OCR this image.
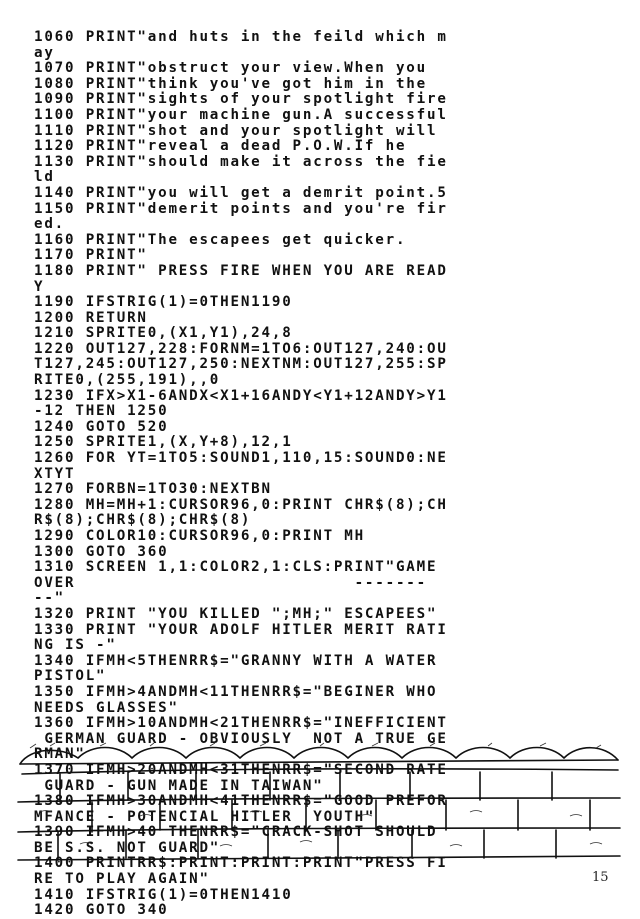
1060 PRINT"and huts in the feild which m
ay
1070 PRINT"obstruct your view.When you
1080 PRINT"think you've got him in the
1090 PRINT"sights of your spotlight fire
1100 PRINT"your machine gun.A successful
1110 PRINT"shot and your spotlight will
1120 PRINT"reveal a dead P.O.W.If he
1130 PRINT"should make it across the fie
ld
1140 PRINT"you will get a demrit point.5
1150 PRINT"demerit points and you're fir
ed.
1160 PRINT"The escapees get quicker.
1170 PRINT"
1180 PRINT" PRESS FIRE WHEN YOU ARE READ
Y
1190 IFSTRIG(1)=0THEN1190
1200 RETURN
1210 SPRITE0,(X1,Y1),24,8
1220 OUT127,228:FORNM=1TO6:OUT127,240:OU
T127,245:OUT127,250:NEXTNM:OUT127,255:SP
RITE0,(255,191),,0
1230 IFX>X1-6ANDX<X1+16ANDY<Y1+12ANDY>Y1
-12 THEN 1250
1240 GOTO 520
1250 SPRITE1,(X,Y+8),12,1
1260 FOR YT=1TO5:SOUND1,110,15:SOUND0:NE
XTYT
1270 FORBN=1TO30:NEXTBN
1280 MH=MH+1:CURSOR96,0:PRINT CHR$(8);CH
R$(8);CHR$(8);CHR$(8)
1290 COLOR10:CURSOR96,0:PRINT MH
1300 GOTO 360
1310 SCREEN 1,1:COLOR2,1:CLS:PRINT"GAME
OVER                           -------
--"
1320 PRINT "YOU KILLED ";MH;" ESCAPEES"
1330 PRINT "YOUR ADOLF HITLER MERIT RATI
NG IS -"
1340 IFMH<5THENRR$="GRANNY WITH A WATER
PISTOL"
1350 IFMH>4ANDMH<11THENRR$="BEGINER WHO
NEEDS GLASSES"
1360 IFMH>10ANDMH<21THENRR$="INEFFICIENT
GERMAN GUARD - OBVIOUSLY  NOT A TRUE GE
RMAN"
1370 IFMH>20ANDMH<31THENRR$="SECOND RATE
GUARD - GUN MADE IN TAIWAN"
1380 IFMH>30ANDMH<41THENRR$="GOOD PREFOR
MFANCE - POTENCIAL HITLER  YOUTH"
1390 IFMH>40 THENRR$="CRACK-SHOT SHOULD
BE S.S. NOT GUARD"
1400 PRINTRR$:PRINT:PRINT:PRINT"PRESS FI
RE TO PLAY AGAIN"
1410 IFSTRIG(1)=0THEN1410
1420 GOTO 340
15
